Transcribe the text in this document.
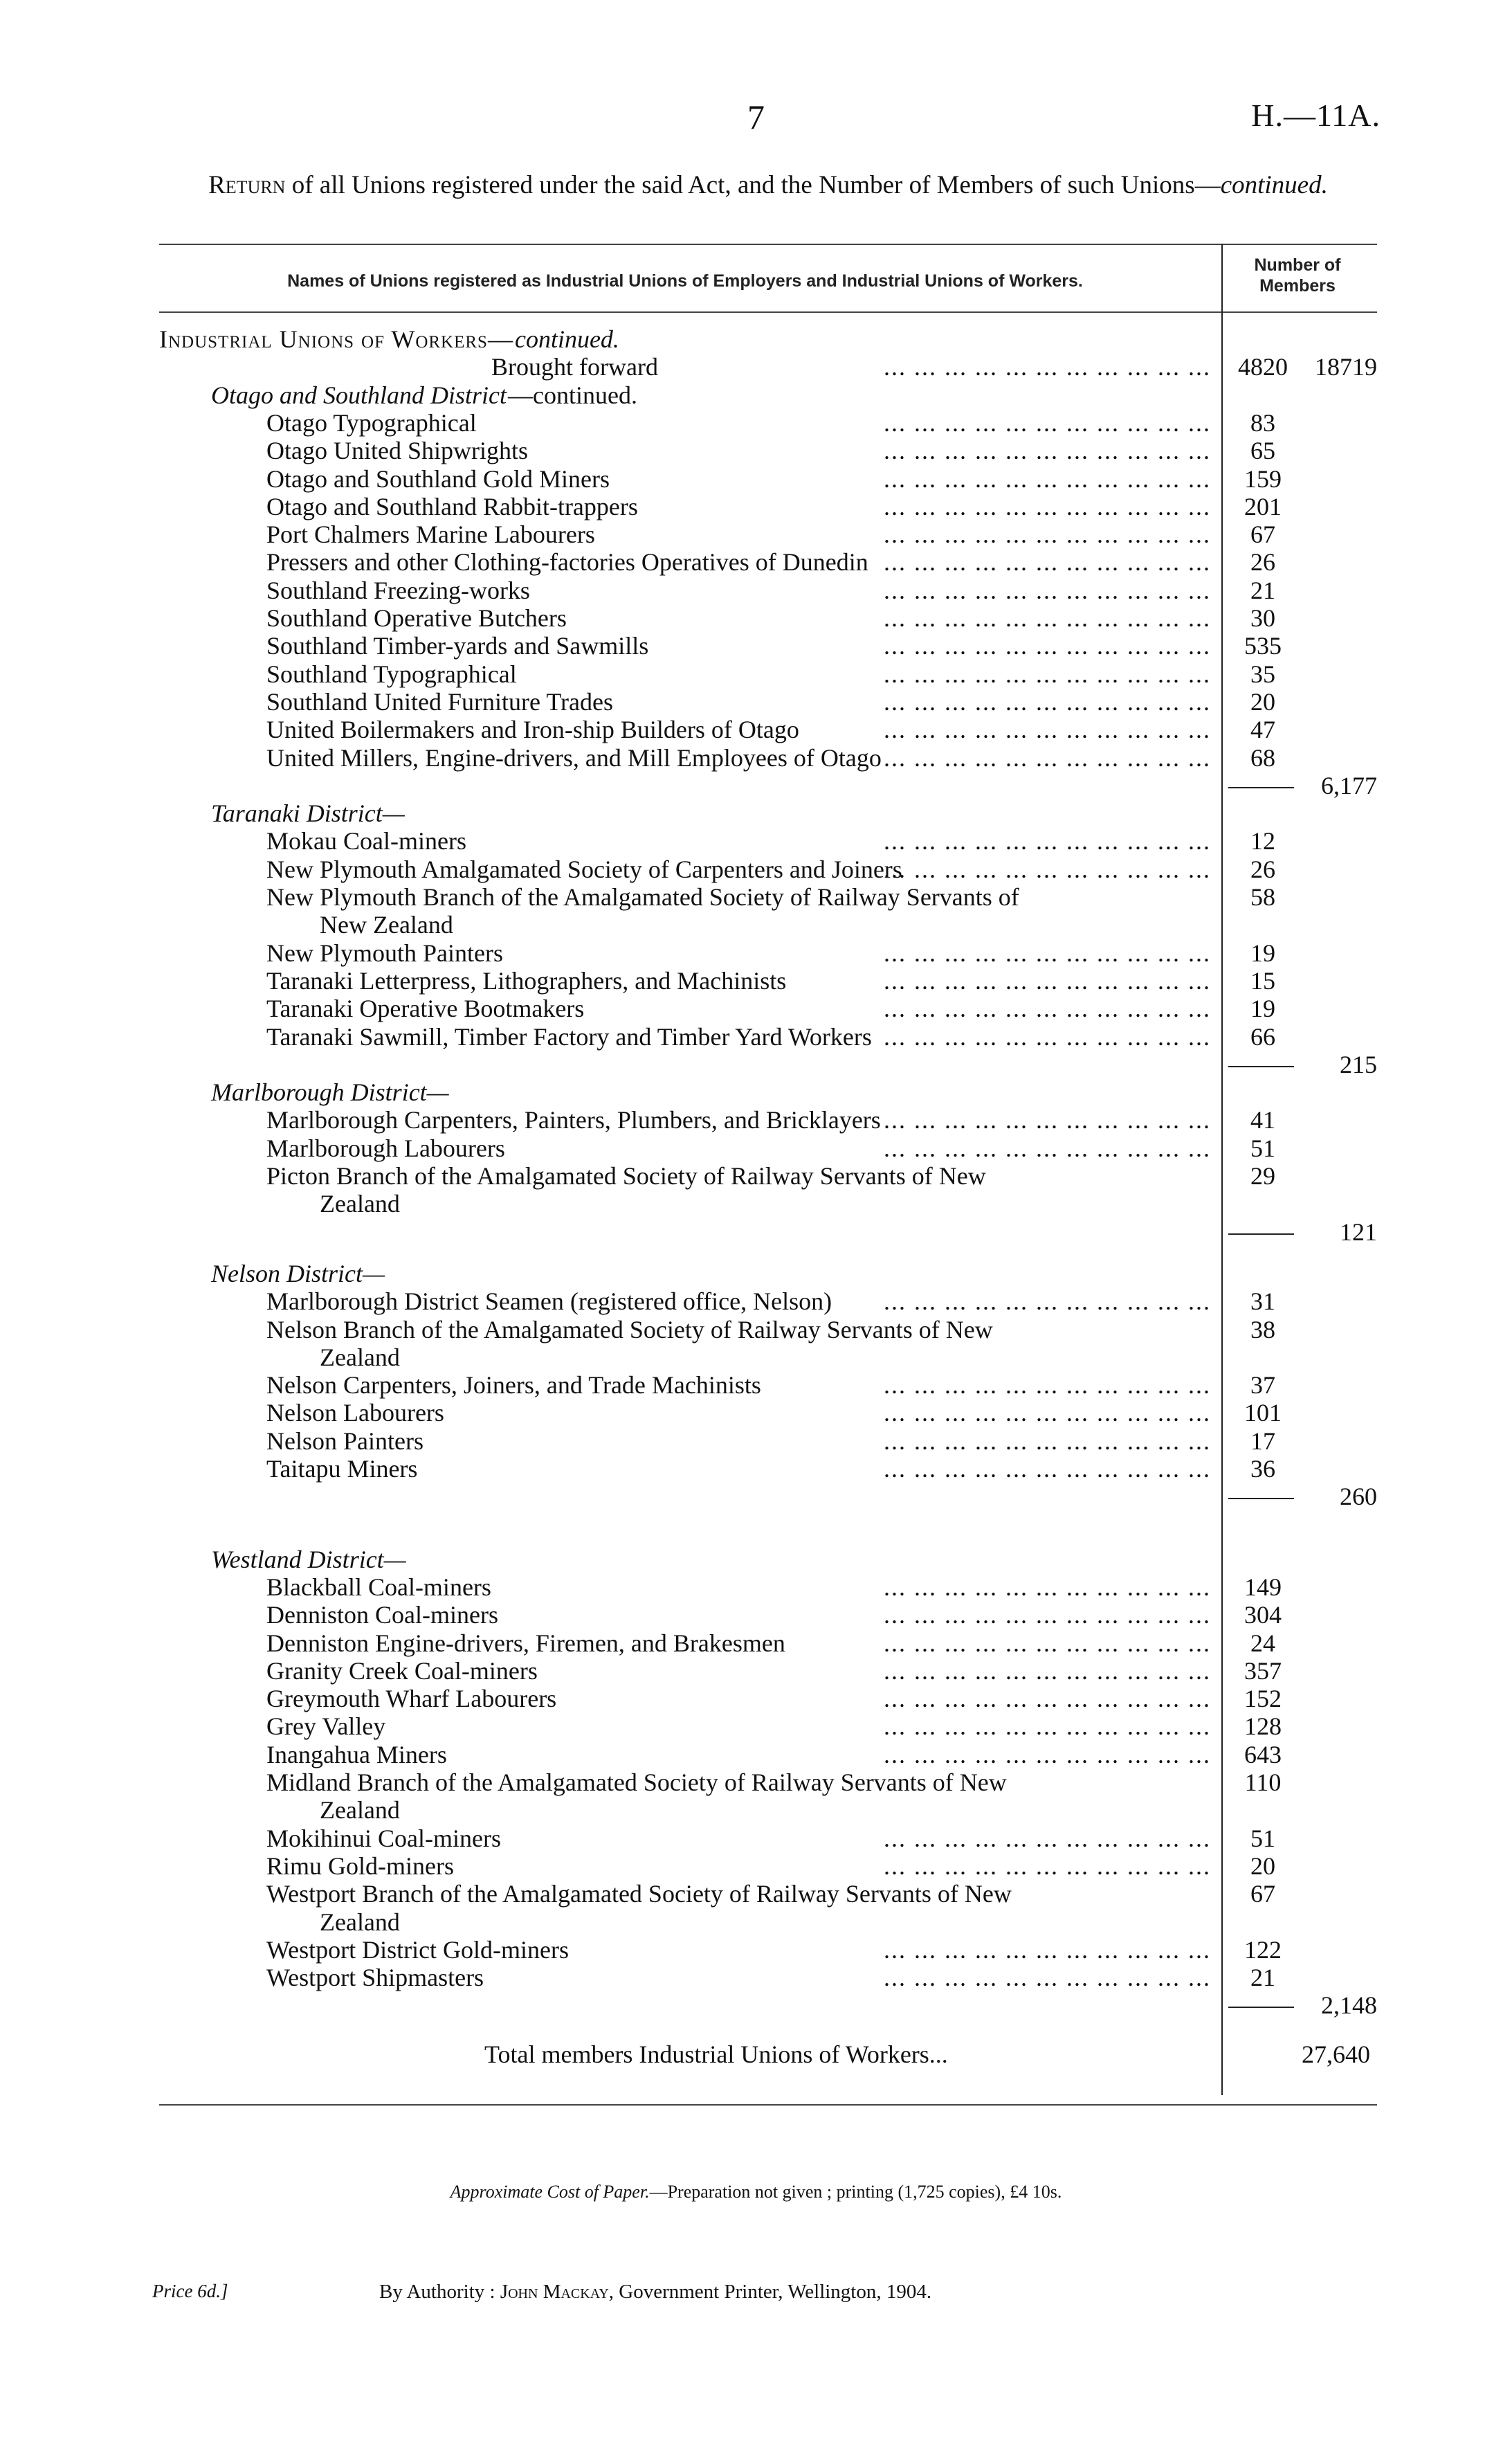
7	H.—11A.
Return of all Unions registered under the said Act, and the Number of Members of such Unions—continued.
Names of Unions registered as Industrial Unions of Employers and Industrial Unions of Workers.
Number of Members
Industrial Unions of Workers— continued.
Brought forward	4820	18719
... ... ... ... ... ... ... ... ... ... ...
Otago and Southland District —continued.
Otago Typographical	83
... ... ... ... ... ... ... ... ... ... ...
Otago United Shipwrights	65
... ... ... ... ... ... ... ... ... ... ...
Otago and Southland Gold Miners	159
... ... ... ... ... ... ... ... ... ... ...
Otago and Southland Rabbit-trappers	201
... ... ... ... ... ... ... ... ... ... ...
Port Chalmers Marine Labourers	67
... ... ... ... ... ... ... ... ... ... ...
Pressers and other Clothing-factories Operatives of Dunedin	26
... ... ... ... ... ... ... ... ... ... ...
Southland Freezing-works	21
... ... ... ... ... ... ... ... ... ... ...
Southland Operative Butchers	30
... ... ... ... ... ... ... ... ... ... ...
Southland Timber-yards and Sawmills	535
... ... ... ... ... ... ... ... ... ... ...
Southland Typographical	35
... ... ... ... ... ... ... ... ... ... ...
Southland United Furniture Trades	20
... ... ... ... ... ... ... ... ... ... ...
United Boilermakers and Iron-ship Builders of Otago	47
... ... ... ... ... ... ... ... ... ... ...
United Millers, Engine-drivers, and Mill Employees of Otago	68
... ... ... ... ... ... ... ... ... ... ...
6,177
Taranaki District—
Mokau Coal-miners	12
... ... ... ... ... ... ... ... ... ... ...
New Plymouth Amalgamated Society of Carpenters and Joiners	26
... ... ... ... ... ... ... ... ... ... ...
New Plymouth Branch of the Amalgamated Society of Railway Servants of	58
New Zealand
New Plymouth Painters	19
... ... ... ... ... ... ... ... ... ... ...
Taranaki Letterpress, Lithographers, and Machinists	15
... ... ... ... ... ... ... ... ... ... ...
Taranaki Operative Bootmakers	19
... ... ... ... ... ... ... ... ... ... ...
Taranaki Sawmill, Timber Factory and Timber Yard Workers	66
... ... ... ... ... ... ... ... ... ... ...
215
Marlborough District—
Marlborough Carpenters, Painters, Plumbers, and Bricklayers	41
... ... ... ... ... ... ... ... ... ... ...
Marlborough Labourers	51
... ... ... ... ... ... ... ... ... ... ...
Picton Branch of the Amalgamated Society of Railway Servants of New	29
Zealand
121
Nelson District—
Marlborough District Seamen (registered office, Nelson)	31
... ... ... ... ... ... ... ... ... ... ...
Nelson Branch of the Amalgamated Society of Railway Servants of New	38
Zealand
Nelson Carpenters, Joiners, and Trade Machinists	37
... ... ... ... ... ... ... ... ... ... ...
Nelson Labourers	101
... ... ... ... ... ... ... ... ... ... ...
Nelson Painters	17
... ... ... ... ... ... ... ... ... ... ...
Taitapu Miners	36
... ... ... ... ... ... ... ... ... ... ...
260
Westland District—
Blackball Coal-miners	149
... ... ... ... ... ... ... ... ... ... ...
Denniston Coal-miners	304
... ... ... ... ... ... ... ... ... ... ...
Denniston Engine-drivers, Firemen, and Brakesmen	24
... ... ... ... ... ... ... ... ... ... ...
Granity Creek Coal-miners	357
... ... ... ... ... ... ... ... ... ... ...
Greymouth Wharf Labourers	152
... ... ... ... ... ... ... ... ... ... ...
Grey Valley	128
... ... ... ... ... ... ... ... ... ... ...
Inangahua Miners	643
... ... ... ... ... ... ... ... ... ... ...
Midland Branch of the Amalgamated Society of Railway Servants of New	110
Zealand
Mokihinui Coal-miners	51
... ... ... ... ... ... ... ... ... ... ...
Rimu Gold-miners	20
... ... ... ... ... ... ... ... ... ... ...
Westport Branch of the Amalgamated Society of Railway Servants of New	67
Zealand
Westport District Gold-miners	122
... ... ... ... ... ... ... ... ... ... ...
Westport Shipmasters	21
... ... ... ... ... ... ... ... ... ... ...
2,148
Total members Industrial Unions of Workers...	27,640
Approximate Cost of Paper.—Preparation not given ; printing (1,725 copies), £4 10s.
Price 6d.]	By Authority : John Mackay, Government Printer, Wellington, 1904.
